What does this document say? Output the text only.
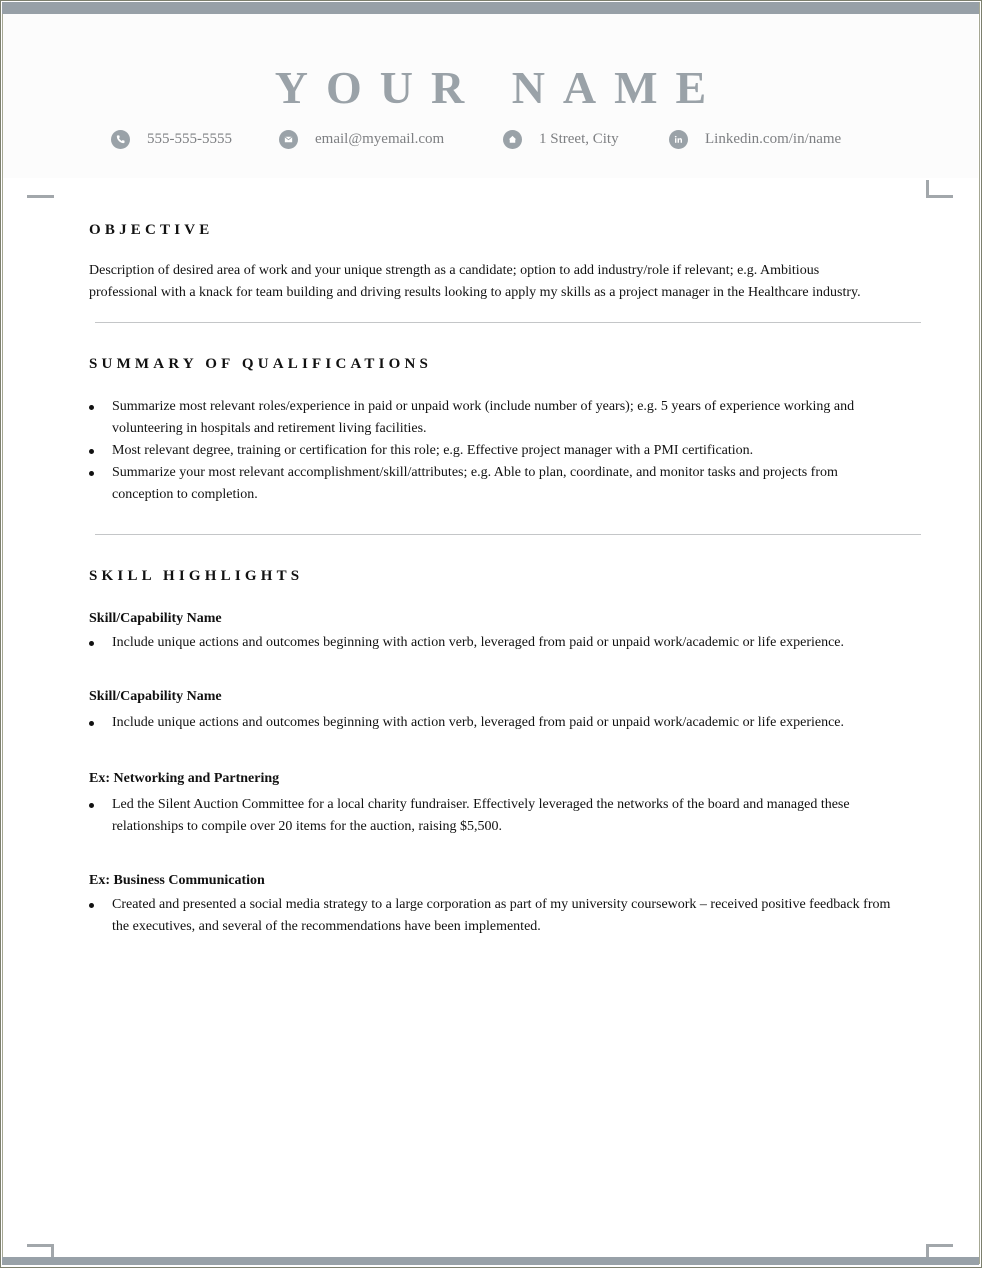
YOUR NAME
555-555-5555	email@myemail.com	1 Street, City	Linkedin.com/in/name
OBJECTIVE
Description of desired area of work and your unique strength as a candidate; option to add industry/role if relevant; e.g. Ambitious
professional with a knack for team building and driving results looking to apply my skills as a project manager in the Healthcare industry.
SUMMARY OF QUALIFICATIONS
Summarize most relevant roles/experience in paid or unpaid work (include number of years); e.g. 5 years of experience working and volunteering in hospitals and retirement living facilities.
Most relevant degree, training or certification for this role; e.g. Effective project manager with a PMI certification.
Summarize your most relevant accomplishment/skill/attributes; e.g. Able to plan, coordinate, and monitor tasks and projects from conception to completion.
SKILL HIGHLIGHTS
Skill/Capability Name
Include unique actions and outcomes beginning with action verb, leveraged from paid or unpaid work/academic or life experience.
Skill/Capability Name
Include unique actions and outcomes beginning with action verb, leveraged from paid or unpaid work/academic or life experience.
Ex: Networking and Partnering
Led the Silent Auction Committee for a local charity fundraiser. Effectively leveraged the networks of the board and managed these relationships to compile over 20 items for the auction, raising $5,500.
Ex: Business Communication
Created and presented a social media strategy to a large corporation as part of my university coursework – received positive feedback from the executives, and several of the recommendations have been implemented.
